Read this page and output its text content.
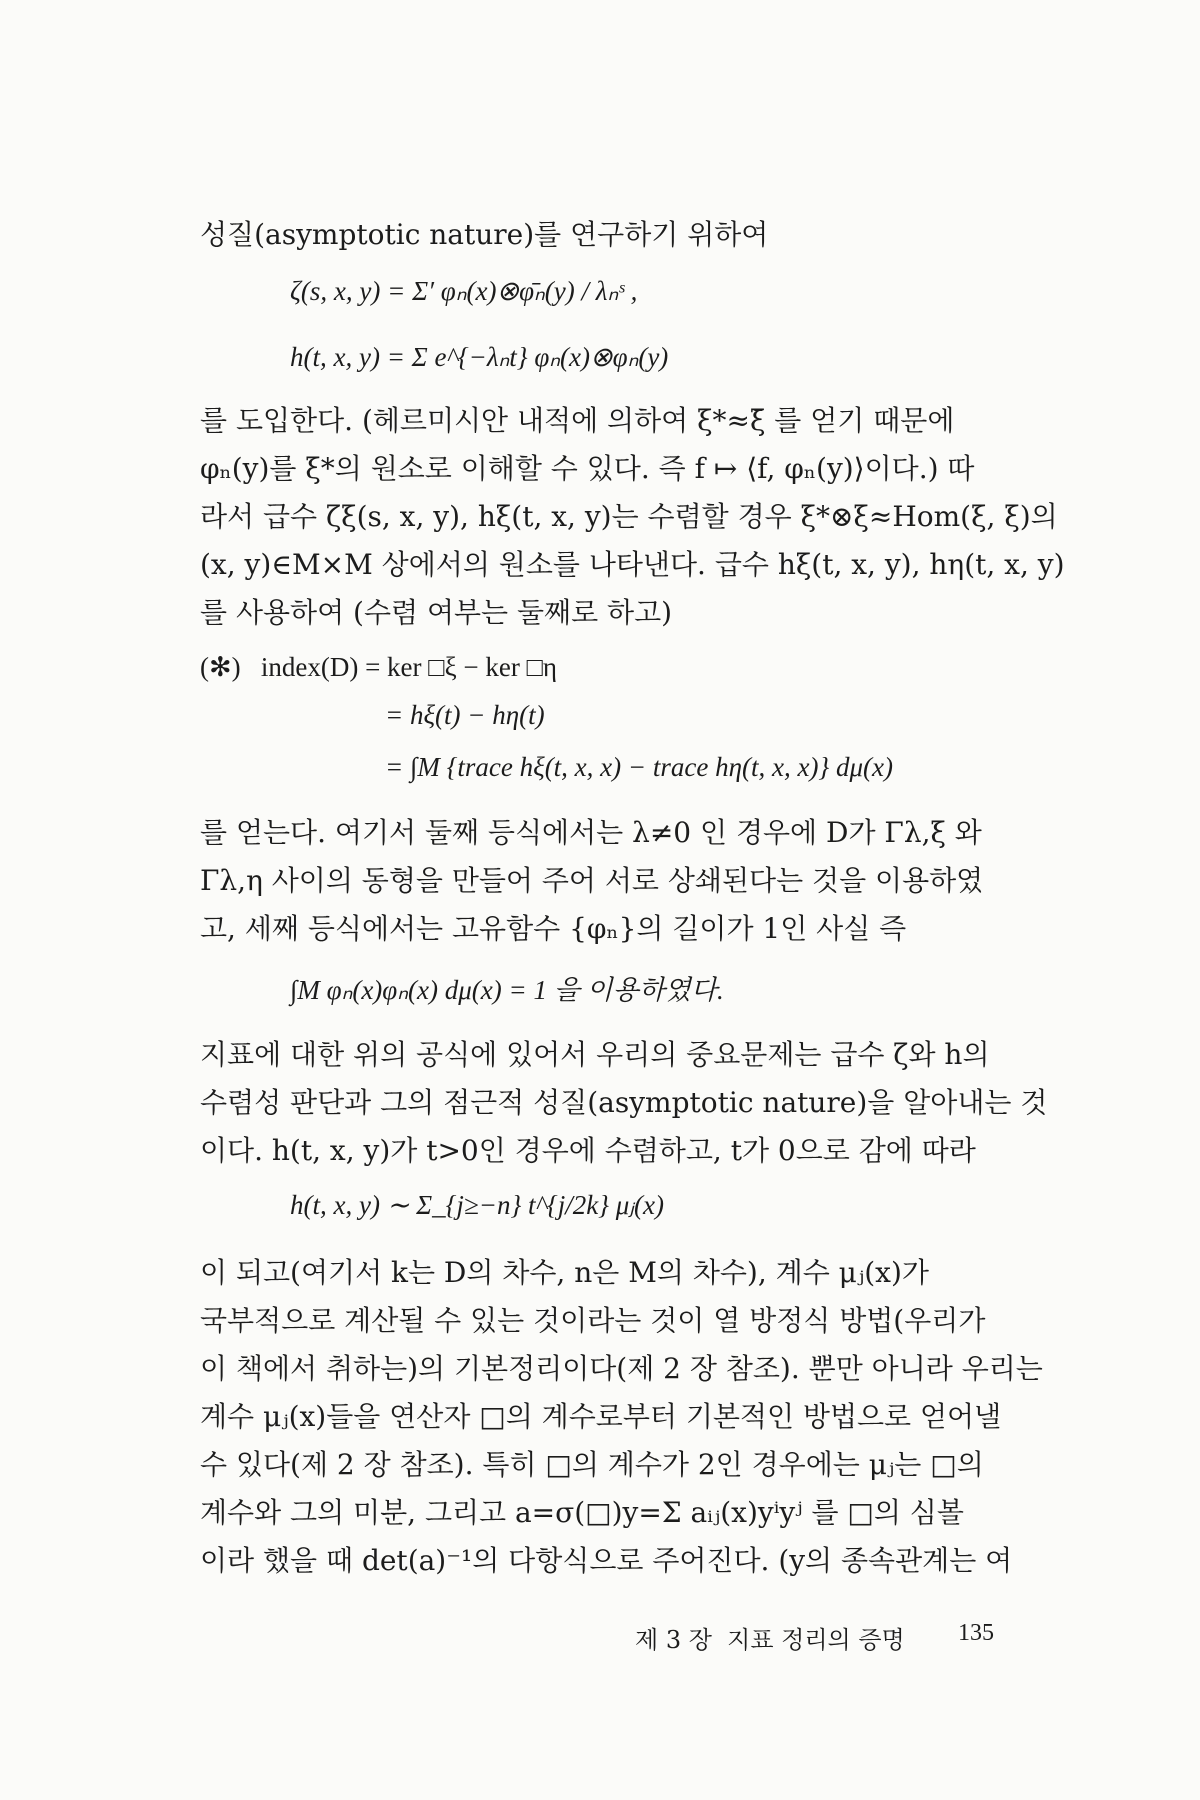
성질(asymptotic nature)를 연구하기 위하여
ζ(s, x, y) = Σ′ φₙ(x)⊗φ̄ₙ(y) / λₙˢ ,
h(t, x, y) = Σ e^{−λₙt} φₙ(x)⊗φₙ(y)
를 도입한다. (헤르미시안 내적에 의하여 ξ*≈ξ̄ 를 얻기 때문에
φₙ(y)를 ξ*의 원소로 이해할 수 있다. 즉 f ↦ ⟨f, φₙ(y)⟩이다.) 따
라서 급수 ζξ(s, x, y), hξ(t, x, y)는 수렴할 경우 ξ*⊗ξ≈Hom(ξ, ξ)의
(x, y)∈M×M 상에서의 원소를 나타낸다. 급수 hξ(t, x, y), hη(t, x, y)
를 사용하여 (수렴 여부는 둘째로 하고)
(✻)   index(D) = ker □ξ − ker □η
= hξ(t) − hη(t)
= ∫M {trace hξ(t, x, x) − trace hη(t, x, x)} dμ(x)
를 얻는다. 여기서 둘째 등식에서는 λ≠0 인 경우에 D가 Γλ,ξ 와
Γλ,η 사이의 동형을 만들어 주어 서로 상쇄된다는 것을 이용하였
고, 세째 등식에서는 고유함수 {φₙ}의 길이가 1인 사실 즉
∫M φₙ(x)φₙ(x) dμ(x) = 1 을 이용하였다.
지표에 대한 위의 공식에 있어서 우리의 중요문제는 급수 ζ와 h의
수렴성 판단과 그의 점근적 성질(asymptotic nature)을 알아내는 것
이다. h(t, x, y)가 t>0인 경우에 수렴하고, t가 0으로 감에 따라
h(t, x, y) ∼ Σ_{j≥−n} t^{j/2k} μⱼ(x)
이 되고(여기서 k는 D의 차수, n은 M의 차수), 계수 μⱼ(x)가
국부적으로 계산될 수 있는 것이라는 것이 열 방정식 방법(우리가
이 책에서 취하는)의 기본정리이다(제 2 장 참조). 뿐만 아니라 우리는
계수 μⱼ(x)들을 연산자 □의 계수로부터 기본적인 방법으로 얻어낼
수 있다(제 2 장 참조). 특히 □의 계수가 2인 경우에는 μⱼ는 □의
계수와 그의 미분, 그리고 a=σ(□)y=Σ aᵢⱼ(x)yⁱyʲ 를 □의 심볼
이라 했을 때 det(a)⁻¹의 다항식으로 주어진다. (y의 종속관계는 여
제 3 장  지표 정리의 증명 135
